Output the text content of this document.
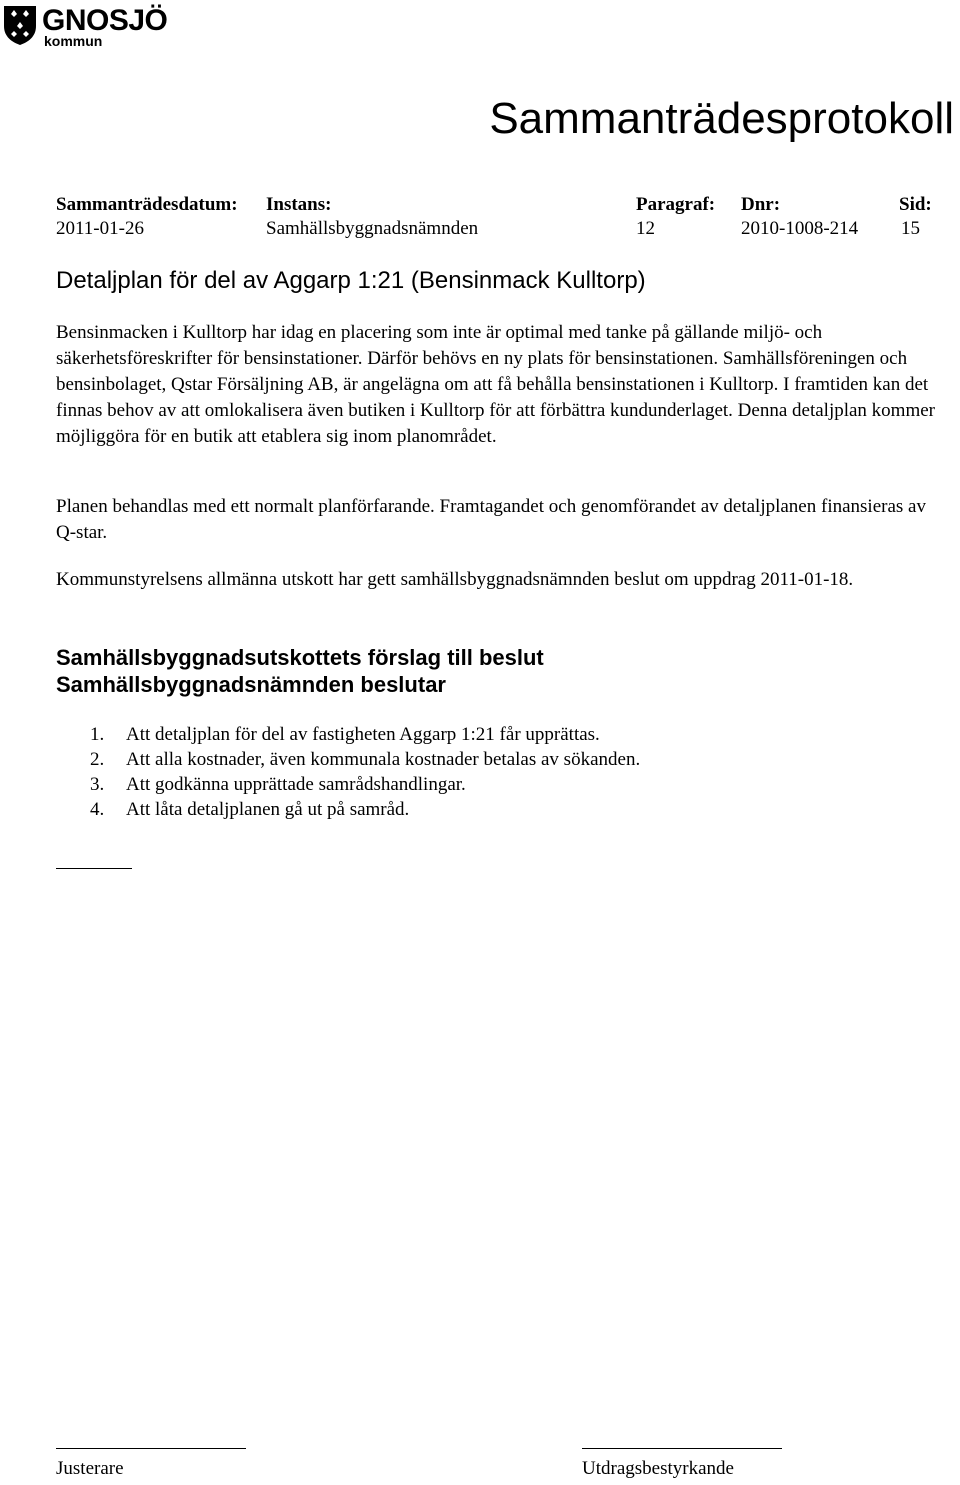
GNOSJÖ
kommun
Sammanträdesprotokoll
Sammanträdesdatum:
2011-01-26
Instans:
Samhällsbyggnadsnämnden
Paragraf:
12
Dnr:
2010-1008-214
Sid:
15
Detaljplan för del av Aggarp 1:21 (Bensinmack Kulltorp)
Bensinmacken i Kulltorp har idag en placering som inte är optimal med tanke på gällande miljö- och säkerhetsföreskrifter för bensinstationer. Därför behövs en ny plats för bensinstationen. Samhällsföreningen och bensinbolaget, Qstar Försäljning AB, är angelägna om att få behålla bensinstationen i Kulltorp. I framtiden kan det finnas behov av att omlokalisera även butiken i Kulltorp för att förbättra kundunderlaget. Denna detaljplan kommer möjliggöra för en butik att etablera sig inom planområdet.
Planen behandlas med ett normalt planförfarande. Framtagandet och genomförandet av detaljplanen finansieras av Q-star.
Kommunstyrelsens allmänna utskott har gett samhällsbyggnadsnämnden beslut om uppdrag 2011-01-18.
Samhällsbyggnadsutskottets förslag till beslut
Samhällsbyggnadsnämnden beslutar
1. Att detaljplan för del av fastigheten Aggarp 1:21 får upprättas.
2. Att alla kostnader, även kommunala kostnader betalas av sökanden.
3. Att godkänna upprättade samrådshandlingar.
4. Att låta detaljplanen gå ut på samråd.
Justerare	Utdragsbestyrkande
